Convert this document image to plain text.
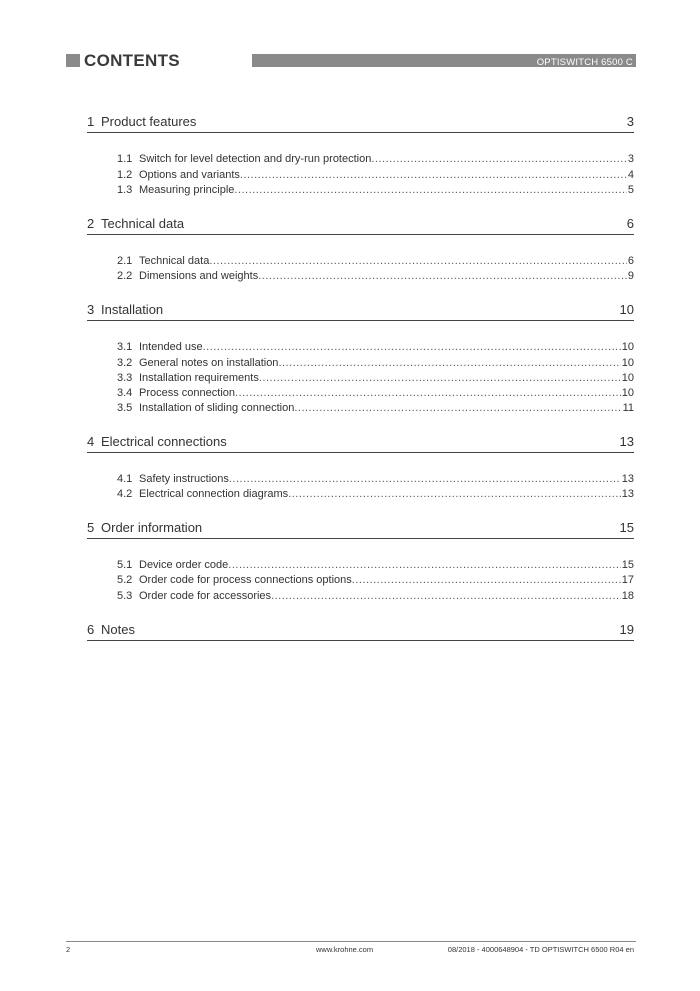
CONTENTS	OPTISWITCH 6500 C
1 Product features	3
1.1 Switch for level detection and dry-run protection .....	3
1.2 Options and variants .....	4
1.3 Measuring principle .....	5
2 Technical data	6
2.1 Technical data .....	6
2.2 Dimensions and weights .....	9
3 Installation	10
3.1 Intended use .....	10
3.2 General notes on installation .....	10
3.3 Installation requirements .....	10
3.4 Process connection .....	10
3.5 Installation of sliding connection .....	11
4 Electrical connections	13
4.1 Safety instructions .....	13
4.2 Electrical connection diagrams .....	13
5 Order information	15
5.1 Device order code .....	15
5.2 Order code for process connections options .....	17
5.3 Order code for accessories .....	18
6 Notes	19
2	www.krohne.com	08/2018 - 4000648904 - TD OPTISWITCH 6500 R04 en
